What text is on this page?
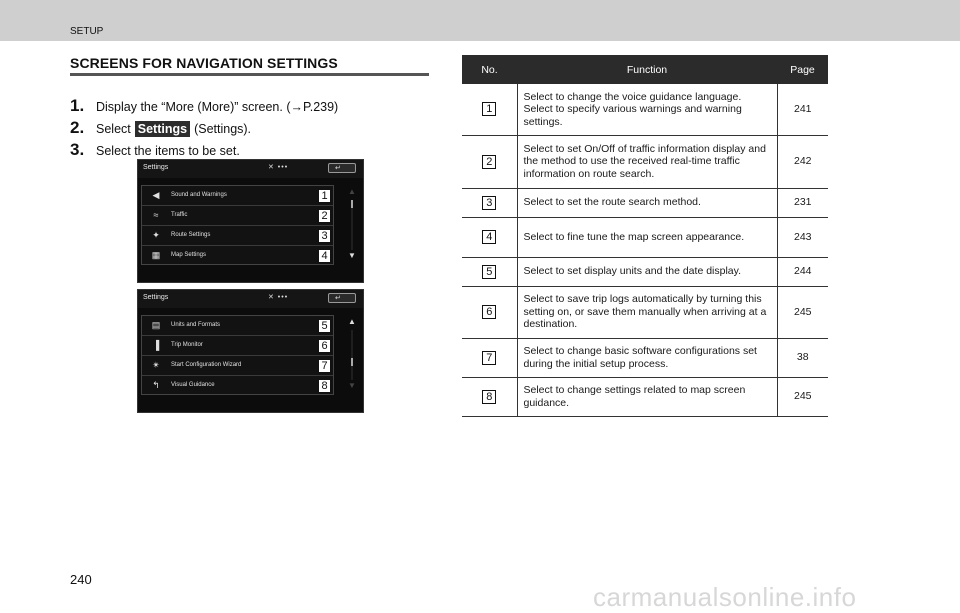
SETUP
SCREENS FOR NAVIGATION SETTINGS
1. Display the “More (More)” screen. (→P.239)
2. Select Settings (Settings).
3. Select the items to be set.
Settings	✕ •••	↵
◀	Sound and Warnings	1
≈	Traffic	2
✦	Route Settings	3
▦ Map Settings	4
▲
▼
Settings	✕ •••	↵
▤ Units and Formats	5
▐	Trip Monitor	6
✴	Start Configuration Wizard	7
↰	Visual Guidance	8
▲
▼
No.	Function	Page
1	Select to change the voice guidance language. Select to specify various warnings and warning settings.	241
2	Select to set On/Off of traffic information display and the method to use the received real-time traffic information on route search.	242
3	Select to set the route search method.	231
4	Select to fine tune the map screen appearance.	243
5	Select to set display units and the date display.	244
6	Select to save trip logs automatically by turning this setting on, or save them manually when arriving at a destination.	245
7	Select to change basic software configurations set during the initial setup process.	38
8	Select to change settings related to map screen guidance.	245
240
carmanualsonline.info
